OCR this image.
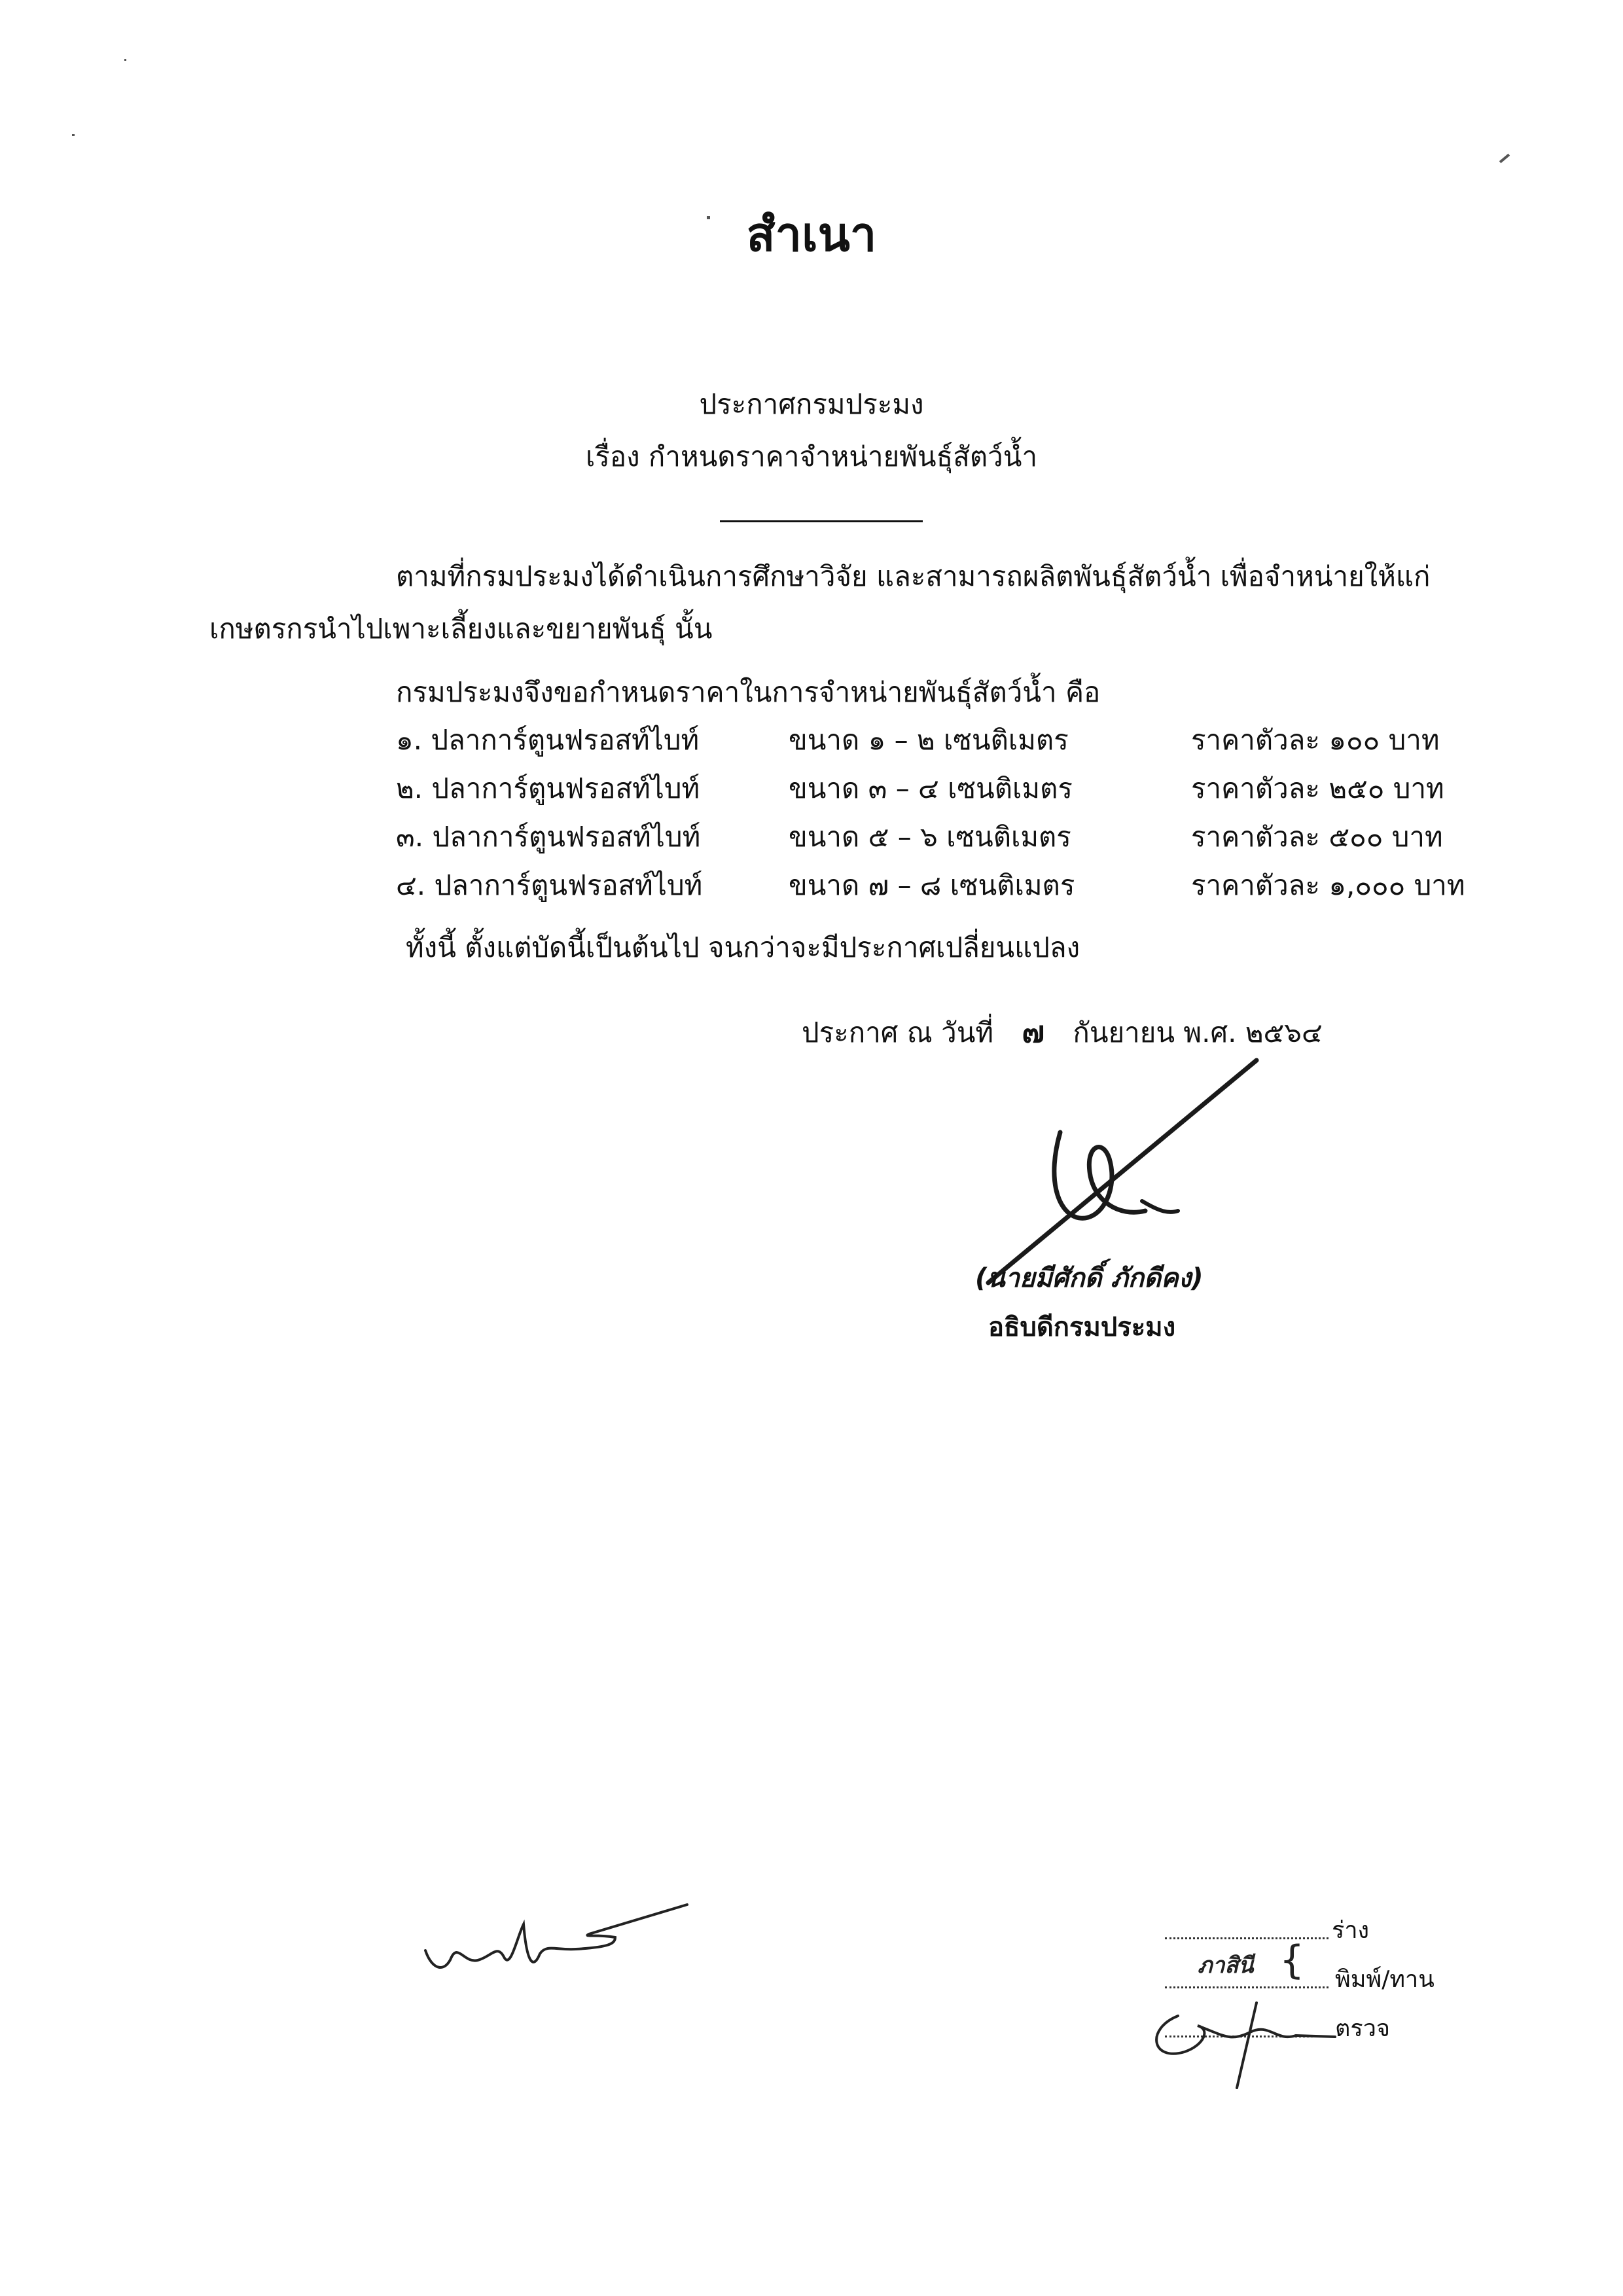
สำเนา
ประกาศกรมประมง
เรื่อง กำหนดราคาจำหน่ายพันธุ์สัตว์น้ำ
ตามที่กรมประมงได้ดำเนินการศึกษาวิจัย และสามารถผลิตพันธุ์สัตว์น้ำ เพื่อจำหน่ายให้แก่
เกษตรกรนำไปเพาะเลี้ยงและขยายพันธุ์ นั้น
กรมประมงจึงขอกำหนดราคาในการจำหน่ายพันธุ์สัตว์น้ำ คือ
๑. ปลาการ์ตูนฟรอสท์ไบท์	ขนาด ๑ – ๒ เซนติเมตร	ราคาตัวละ ๑๐๐ บาท
๒. ปลาการ์ตูนฟรอสท์ไบท์	ขนาด ๓ – ๔ เซนติเมตร	ราคาตัวละ ๒๕๐ บาท
๓. ปลาการ์ตูนฟรอสท์ไบท์	ขนาด ๕ – ๖ เซนติเมตร	ราคาตัวละ ๕๐๐ บาท
๔. ปลาการ์ตูนฟรอสท์ไบท์	ขนาด ๗ – ๘ เซนติเมตร	ราคาตัวละ ๑,๐๐๐ บาท
ทั้งนี้ ตั้งแต่บัดนี้เป็นต้นไป จนกว่าจะมีประกาศเปลี่ยนแปลง
ประกาศ ณ วันที่ ๗ กันยายน พ.ศ. ๒๕๖๔
(นายมีศักดิ์ ภักดีคง)
อธิบดีกรมประมง
ร่าง
ภาสินี { พิมพ์/ทาน
ตรวจ
